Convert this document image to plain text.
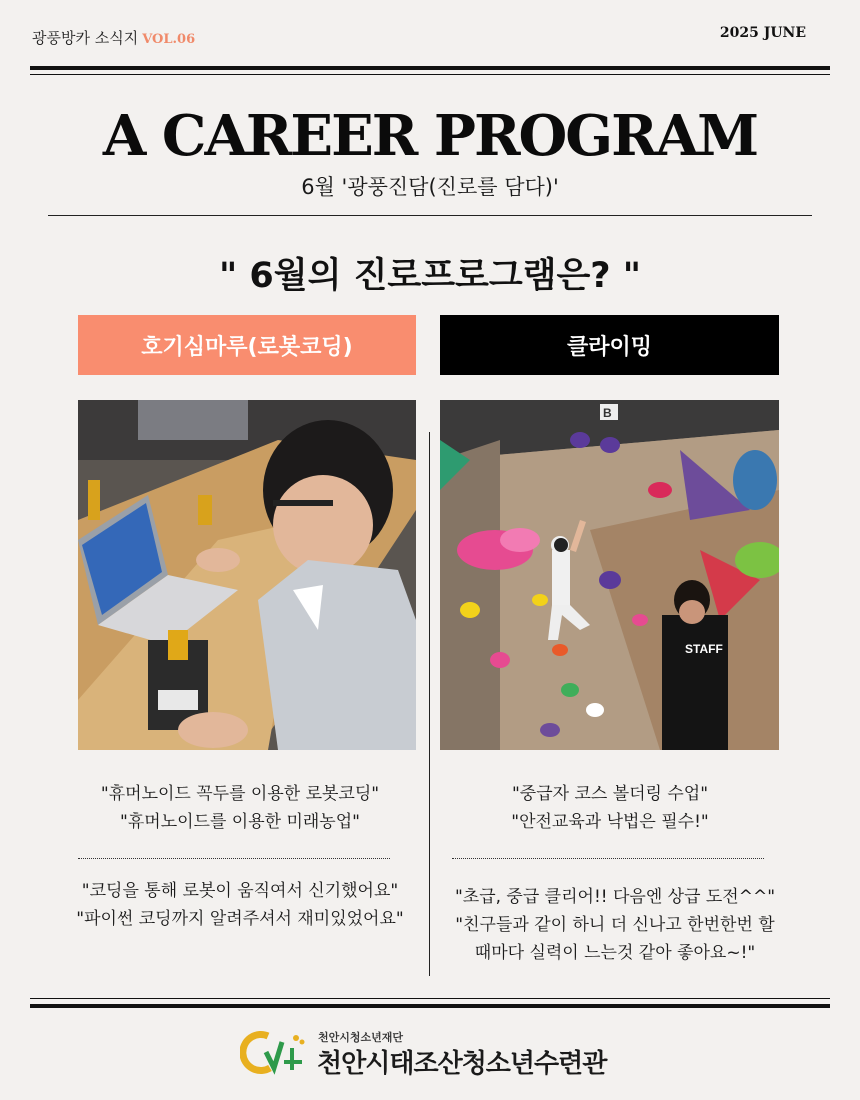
광풍방카 소식지 VOL.06	2025 JUNE
A CAREER PROGRAM
6월 '광풍진담(진로를 담다)'
" 6월의 진로프로그램은? "
호기심마루(로봇코딩)	클라이밍
STAFF
B
"휴머노이드 꼭두를 이용한 로봇코딩"
"휴머노이드를 이용한 미래농업"
"중급자 코스 볼더링 수업"
"안전교육과 낙법은 필수!"
"코딩을 통해 로봇이 움직여서 신기했어요"
"파이썬 코딩까지 알려주셔서 재미있었어요"
"초급, 중급 클리어!! 다음엔 상급 도전^^"
"친구들과 같이 하니 더 신나고 한번한번 할
때마다 실력이 느는것 같아 좋아요~!"
천안시청소년재단
천안시태조산청소년수련관
